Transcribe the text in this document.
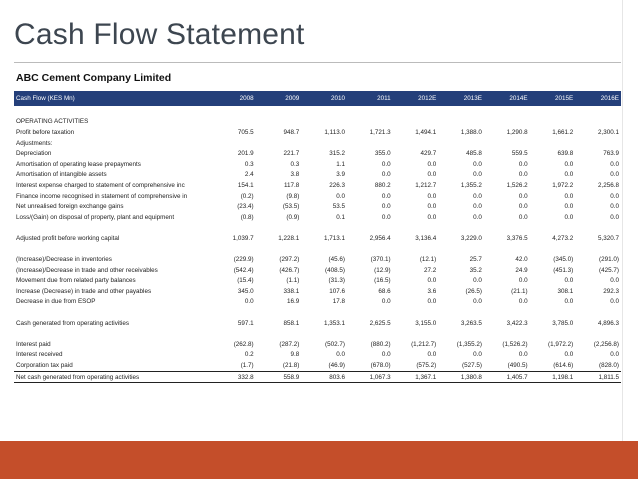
Cash Flow Statement
ABC Cement Company Limited
Cash Flow (KES Mn)	2008	2009	2010	2011	2012E	2013E	2014E	2015E	2016E

OPERATING ACTIVITIES									
Profit before taxation	705.5	948.7	1,113.0	1,721.3	1,494.1	1,388.0	1,290.8	1,661.2	2,300.1
Adjustments:									
Depreciation	201.9	221.7	315.2	355.0	429.7	485.8	559.5	639.8	763.9
Amortisation of operating lease prepayments	0.3	0.3	1.1	0.0	0.0	0.0	0.0	0.0	0.0
Amortisation of intangible assets	2.4	3.8	3.9	0.0	0.0	0.0	0.0	0.0	0.0
Interest expense charged to statement of comprehensive inc	154.1	117.8	226.3	880.2	1,212.7	1,355.2	1,526.2	1,972.2	2,256.8
Finance income recognised in statement of comprehensive in	(0.2)	(9.8)	0.0	0.0	0.0	0.0	0.0	0.0	0.0
Net unrealised foreign exchange gains	(23.4)	(53.5)	53.5	0.0	0.0	0.0	0.0	0.0	0.0
Loss/(Gain) on disposal of property, plant and equipment	(0.8)	(0.9)	0.1	0.0	0.0	0.0	0.0	0.0	0.0

Adjusted profit before working capital	1,039.7	1,228.1	1,713.1	2,956.4	3,136.4	3,229.0	3,376.5	4,273.2	5,320.7

(Increase)/Decrease in inventories	(229.9)	(297.2)	(45.6)	(370.1)	(12.1)	25.7	42.0	(345.0)	(291.0)
(Increase)/Decrease in trade and other receivables	(542.4)	(426.7)	(408.5)	(12.9)	27.2	35.2	24.9	(451.3)	(425.7)
Movement due from related party balances	(15.4)	(1.1)	(31.3)	(16.5)	0.0	0.0	0.0	0.0	0.0
Increase (Decrease) in trade and other payables	345.0	338.1	107.6	68.6	3.6	(26.5)	(21.1)	308.1	292.3
Decrease in due from ESOP	0.0	16.9	17.8	0.0	0.0	0.0	0.0	0.0	0.0

Cash generated from operating activities	597.1	858.1	1,353.1	2,625.5	3,155.0	3,263.5	3,422.3	3,785.0	4,896.3

Interest paid	(262.8)	(287.2)	(502.7)	(880.2)	(1,212.7)	(1,355.2)	(1,526.2)	(1,972.2)	(2,256.8)
Interest received	0.2	9.8	0.0	0.0	0.0	0.0	0.0	0.0	0.0
Corporation tax paid	(1.7)	(21.8)	(46.9)	(678.0)	(575.2)	(527.5)	(490.5)	(614.6)	(828.0)
Net cash generated from operating activities	332.8	558.9	803.6	1,067.3	1,367.1	1,380.8	1,405.7	1,198.1	1,811.5
